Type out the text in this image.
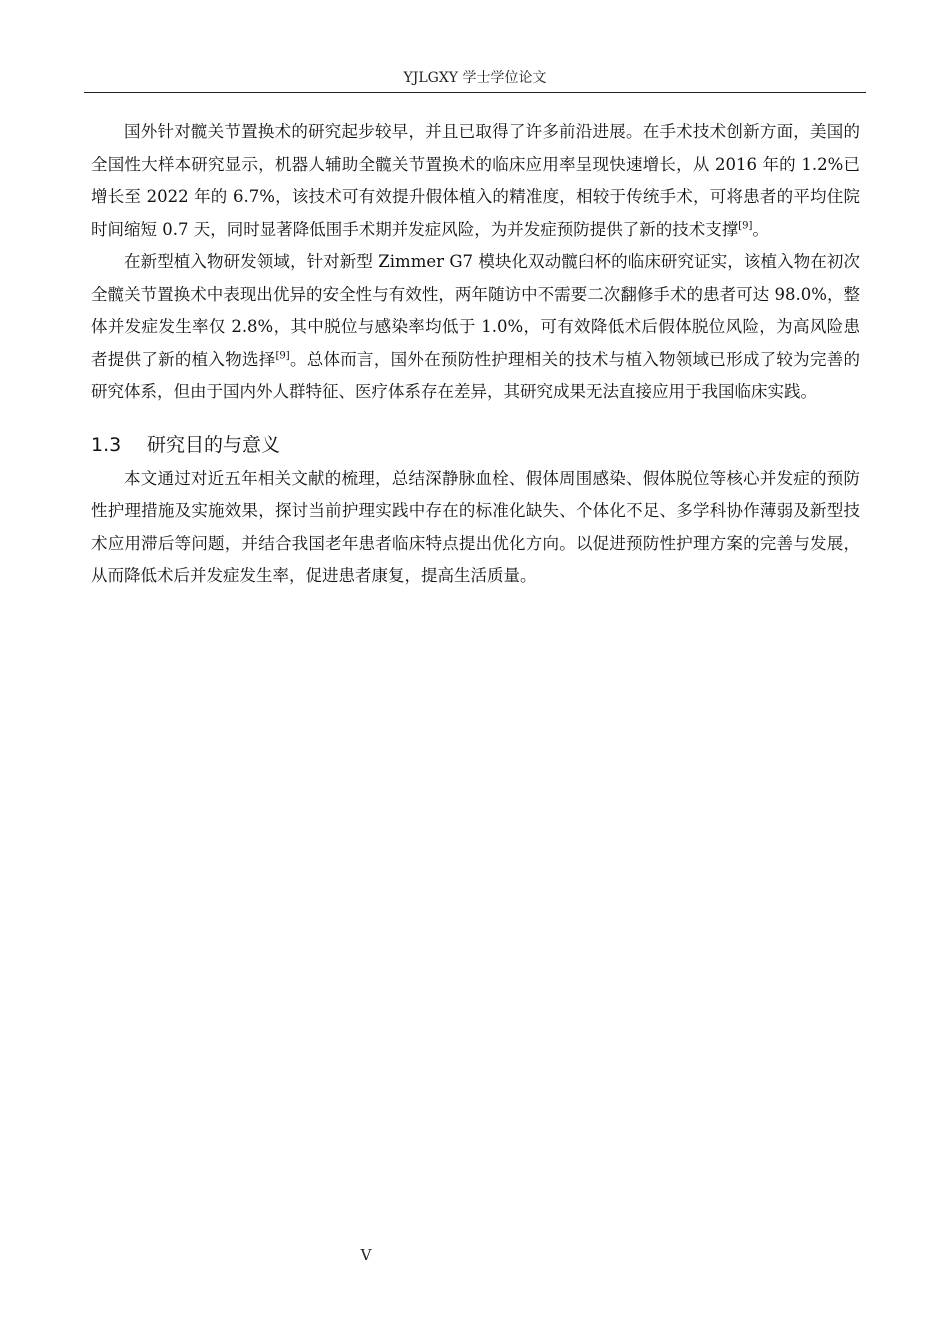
YJLGXY 学士学位论文

国外针对髋关节置换术的研究起步较早，并且已取得了许多前沿进展。在手术技术创新方面，美国的全国性大样本研究显示，机器人辅助全髋关节置换术的临床应用率呈现快速增长，从 2016 年的 1.2%已增长至 2022 年的 6.7%，该技术可有效提升假体植入的精准度，相较于传统手术，可将患者的平均住院时间缩短 0.7 天，同时显著降低围手术期并发症风险，为并发症预防提供了新的技术支撑[9]。

在新型植入物研发领域，针对新型 Zimmer G7 模块化双动髋臼杯的临床研究证实，该植入物在初次全髋关节置换术中表现出优异的安全性与有效性，两年随访中不需要二次翻修手术的患者可达 98.0%，整体并发症发生率仅 2.8%，其中脱位与感染率均低于 1.0%，可有效降低术后假体脱位风险，为高风险患者提供了新的植入物选择[9]。总体而言，国外在预防性护理相关的技术与植入物领域已形成了较为完善的研究体系，但由于国内外人群特征、医疗体系存在差异，其研究成果无法直接应用于我国临床实践。

1.3 研究目的与意义

本文通过对近五年相关文献的梳理，总结深静脉血栓、假体周围感染、假体脱位等核心并发症的预防性护理措施及实施效果，探讨当前护理实践中存在的标准化缺失、个体化不足、多学科协作薄弱及新型技术应用滞后等问题，并结合我国老年患者临床特点提出优化方向。以促进预防性护理方案的完善与发展，从而降低术后并发症发生率，促进患者康复，提高生活质量。

V
